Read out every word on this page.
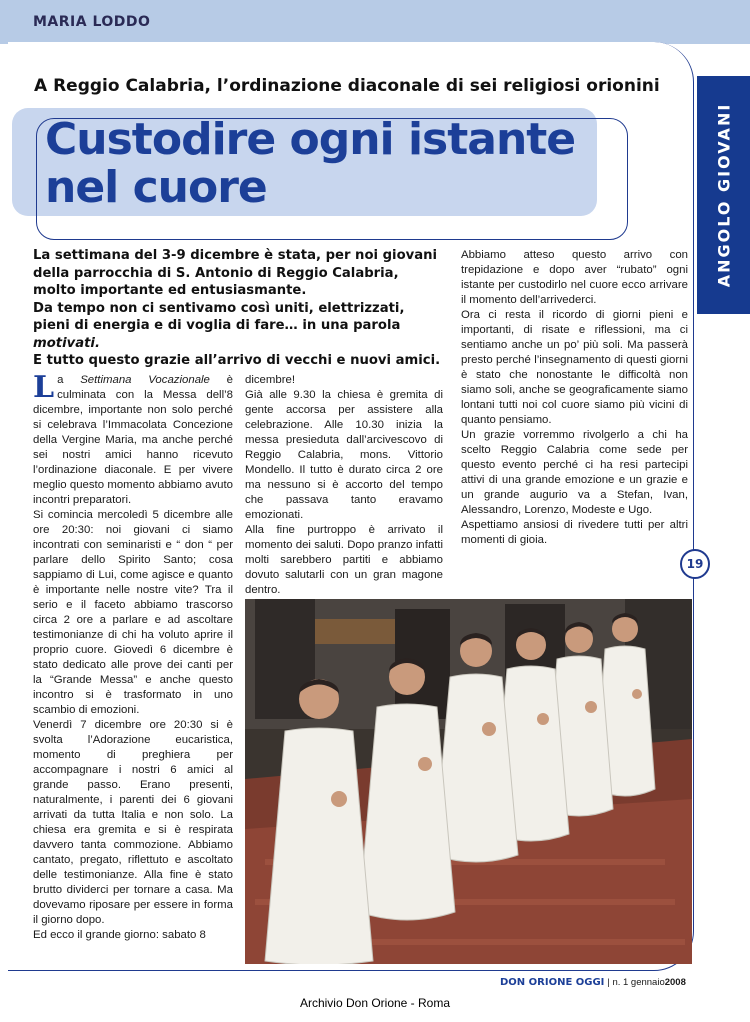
MARIA LODDO
ANGOLO GIOVANI
19
A Reggio Calabria, l’ordinazione diaconale di sei religiosi orionini
Custodire ogni istante
nel cuore

La settimana del 3-9 dicembre è stata, per noi giovani della parrocchia di S. Antonio di Reggio Calabria, molto importante ed entusiasmante.

Da tempo non ci sentivamo così uniti, elettrizzati, pieni di energia e di voglia di fare… in una parola motivati.

E tutto questo grazie all’arrivo di vecchi e nuovi amici.

La Settimana Vocazionale è culminata con la Messa dell’8 dicembre, importante non solo perché si celebrava l’Immacolata Concezione della Vergine Maria, ma anche perché sei nostri amici hanno ricevuto l’ordinazione diaconale. E per vivere meglio questo momento abbiamo avuto incontri preparatori.

Si comincia mercoledì 5 dicembre alle ore 20:30: noi giovani ci siamo incontrati con seminaristi e “ don “ per parlare dello Spirito Santo; cosa sappiamo di Lui, come agisce e quanto è importante nelle nostre vite? Tra il serio e il faceto abbiamo trascorso circa 2 ore a parlare e ad ascoltare testimonianze di chi ha voluto aprire il proprio cuore. Giovedì 6 dicembre è stato dedicato alle prove dei canti per la “Grande Messa” e anche questo incontro si è trasformato in uno scambio di emozioni.

Venerdì 7 dicembre ore 20:30 si è svolta l’Adorazione eucaristica, momento di preghiera per accompagnare i nostri 6 amici al grande passo. Erano presenti, naturalmente, i parenti dei 6 giovani arrivati da tutta Italia e non solo. La chiesa era gremita e si è respirata davvero tanta commozione. Abbiamo cantato, pregato, riflettuto e ascoltato delle testimonianze. Alla fine è stato brutto dividerci per tornare a casa. Ma dovevamo riposare per essere in forma il giorno dopo.

Ed ecco il grande giorno: sabato 8

dicembre!

Già alle 9.30 la chiesa è gremita di gente accorsa per assistere alla celebrazione. Alle 10.30 inizia la messa presieduta dall’arcivescovo di Reggio Calabria, mons. Vittorio Mondello. Il tutto è durato circa 2 ore ma nessuno si è accorto del tempo che passava tanto eravamo emozionati.

Alla fine purtroppo è arrivato il momento dei saluti. Dopo pranzo infatti molti sarebbero partiti e abbiamo dovuto salutarli con un gran magone dentro.

Abbiamo atteso questo arrivo con trepidazione e dopo aver “rubato” ogni istante per custodirlo nel cuore ecco arrivare il momento dell’arrivederci.

Ora ci resta il ricordo di giorni pieni e importanti, di risate e riflessioni, ma ci sentiamo anche un po’ più soli. Ma passerà presto perché l’insegnamento di questi giorni è stato che nonostante le difficoltà non siamo soli, anche se geograficamente siamo lontani tutti noi col cuore siamo più vicini di quanto pensiamo.

Un grazie vorremmo rivolgerlo a chi ha scelto Reggio Calabria come sede per questo evento perché ci ha resi partecipi attivi di una grande emozione e un grazie e un grande augurio va a Stefan, Ivan, Alessandro, Lorenzo, Modeste e Ugo.

Aspettiamo ansiosi di rivedere tutti per altri momenti di gioia.

DON ORIONE OGGI | n. 1 gennaio2008
Archivio Don Orione - Roma
